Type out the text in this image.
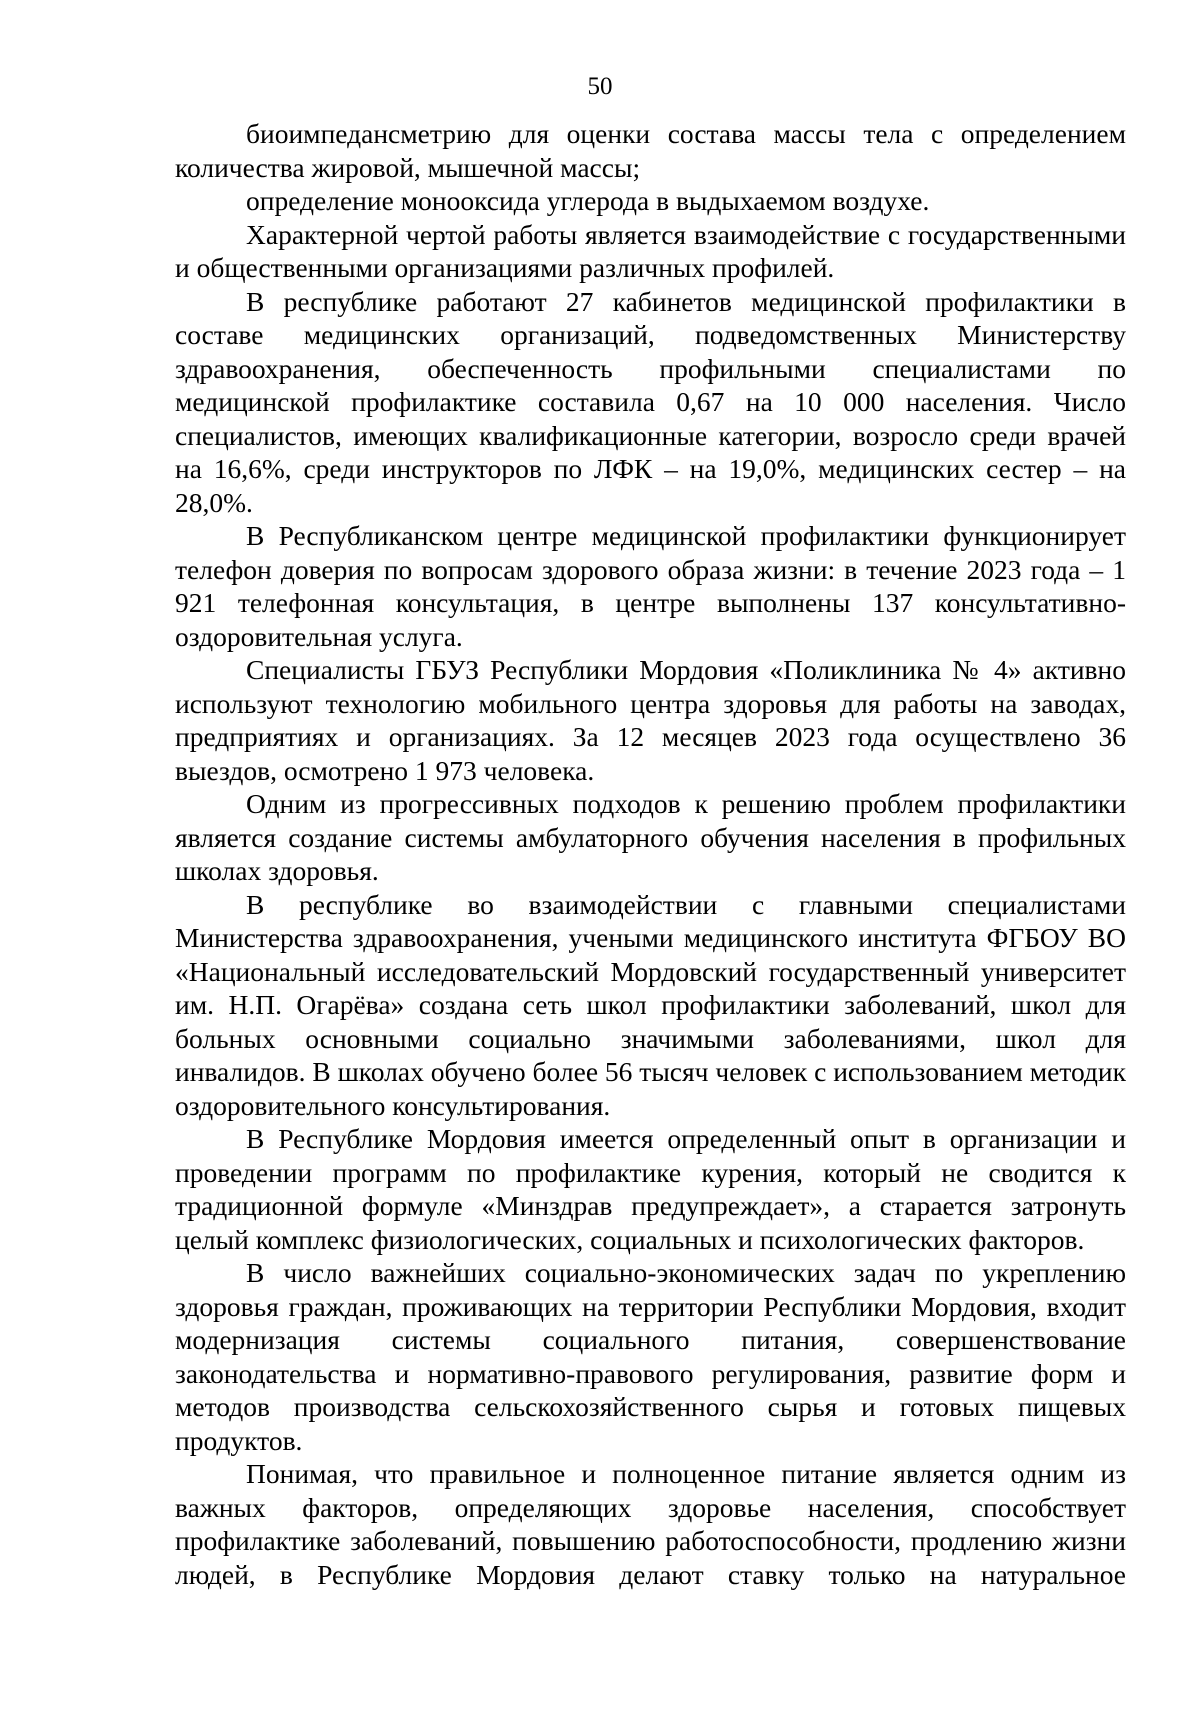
50

биоимпедансметрию для оценки состава массы тела с определением количества жировой, мышечной массы;

определение монооксида углерода в выдыхаемом воздухе.

Характерной чертой работы является взаимодействие с государственными и общественными организациями различных профилей.

В республике работают 27 кабинетов медицинской профилактики в составе медицинских организаций, подведомственных Министерству здравоохранения, обеспеченность профильными специалистами по медицинской профилактике составила 0,67 на 10 000 населения. Число специалистов, имеющих квалификационные категории, возросло среди врачей на 16,6%, среди инструкторов по ЛФК – на 19,0%, медицинских сестер – на 28,0%.

В Республиканском центре медицинской профилактики функционирует телефон доверия по вопросам здорового образа жизни: в течение 2023 года – 1 921 телефонная консультация, в центре выполнены 137 консультативно-оздоровительная услуга.

Специалисты ГБУЗ Республики Мордовия «Поликлиника № 4» активно используют технологию мобильного центра здоровья для работы на заводах, предприятиях и организациях. За 12 месяцев 2023 года осуществлено 36 выездов, осмотрено 1 973 человека.

Одним из прогрессивных подходов к решению проблем профилактики является создание системы амбулаторного обучения населения в профильных школах здоровья.

В республике во взаимодействии с главными специалистами Министерства здравоохранения, учеными медицинского института ФГБОУ ВО «Национальный исследовательский Мордовский государственный университет им. Н.П. Огарёва» создана сеть школ профилактики заболеваний, школ для больных основными социально значимыми заболеваниями, школ для инвалидов. В школах обучено более 56 тысяч человек с использованием методик оздоровительного консультирования.

В Республике Мордовия имеется определенный опыт в организации и проведении программ по профилактике курения, который не сводится к традиционной формуле «Минздрав предупреждает», а старается затронуть целый комплекс физиологических, социальных и психологических факторов.

В число важнейших социально-экономических задач по укреплению здоровья граждан, проживающих на территории Республики Мордовия, входит модернизация системы социального питания, совершенствование законодательства и нормативно-правового регулирования, развитие форм и методов производства сельскохозяйственного сырья и готовых пищевых продуктов.

Понимая, что правильное и полноценное питание является одним из важных факторов, определяющих здоровье населения, способствует профилактике заболеваний, повышению работоспособности, продлению жизни людей, в Республике Мордовия делают ставку только на натуральное
